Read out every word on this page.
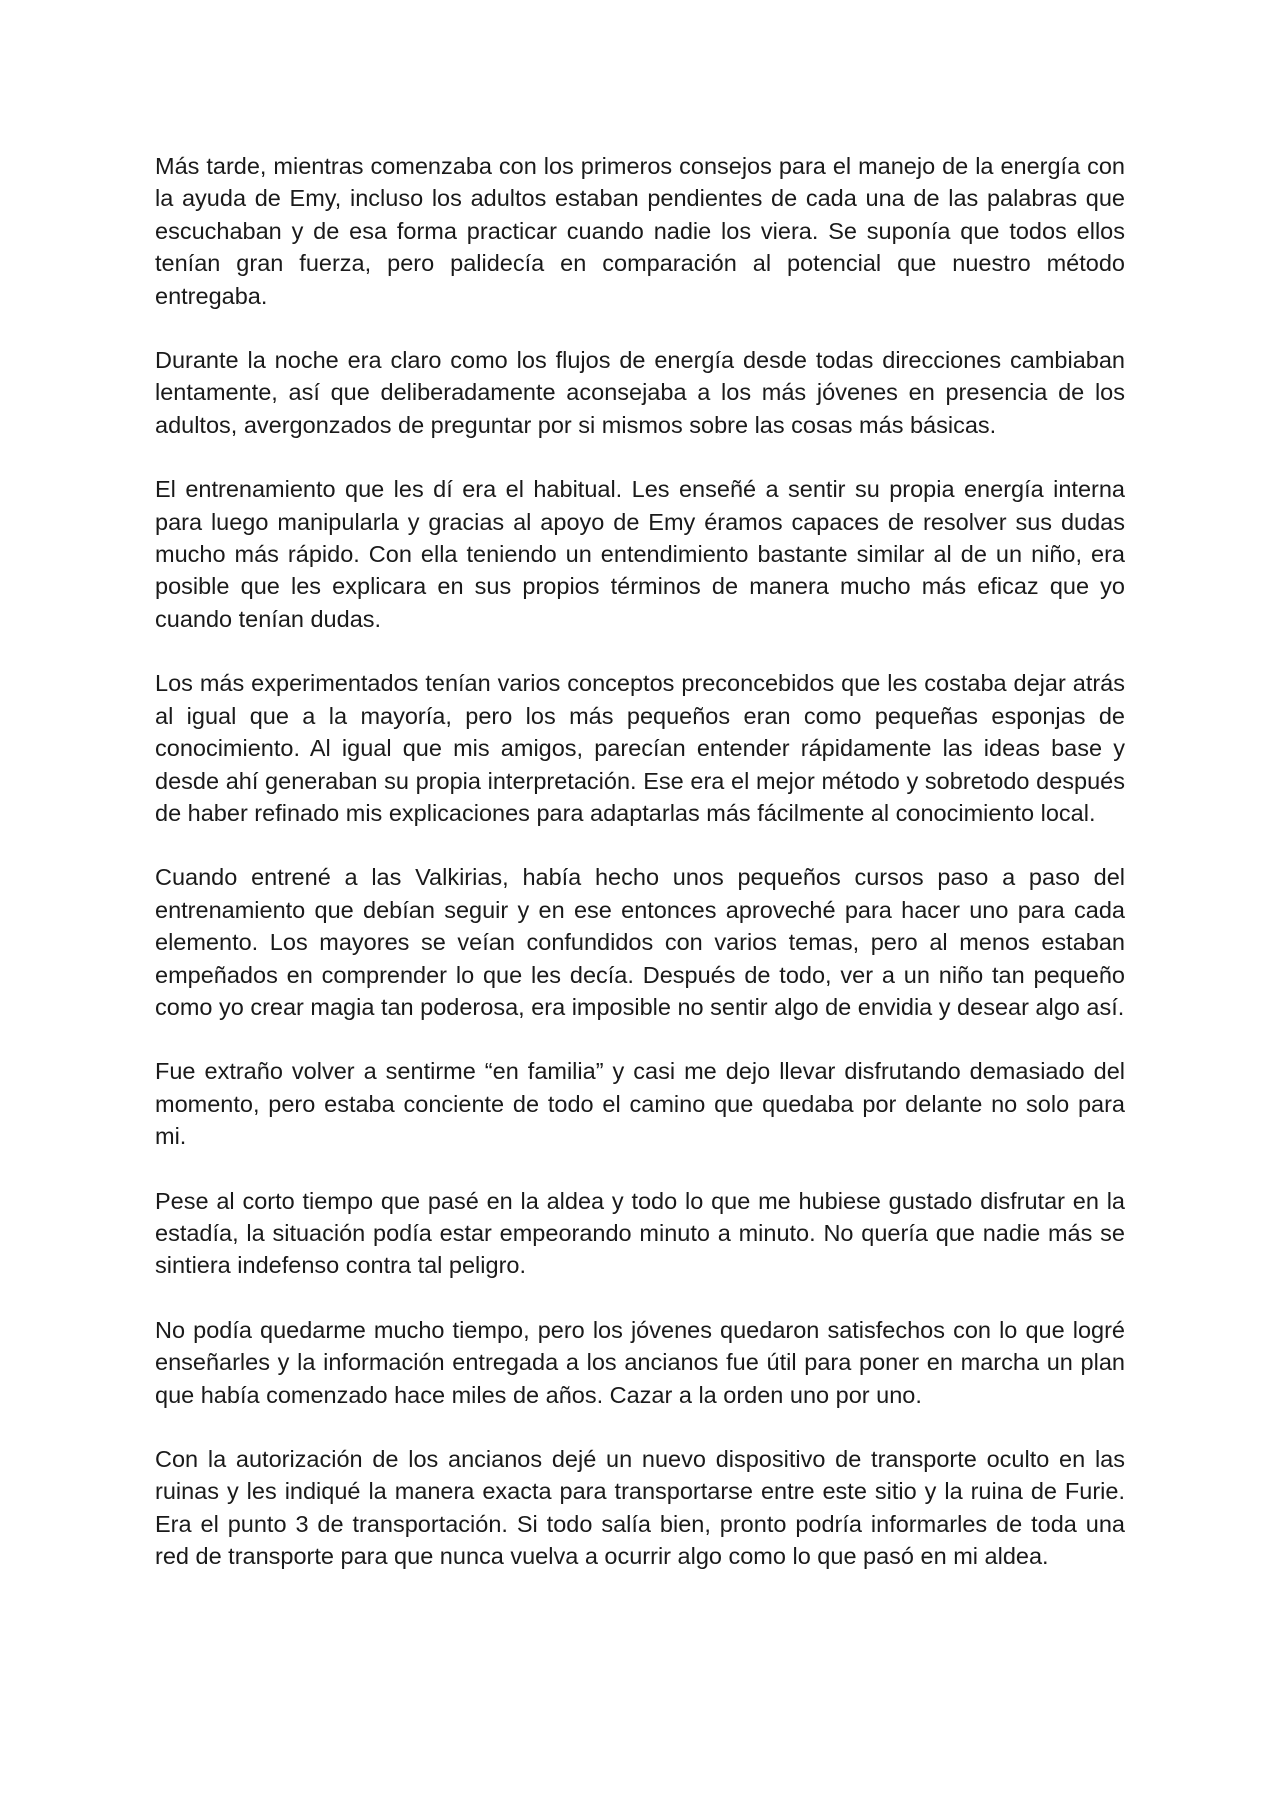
Más tarde, mientras comenzaba con los primeros consejos para el manejo de la energía con la ayuda de Emy, incluso los adultos estaban pendientes de cada una de las palabras que escuchaban y de esa forma practicar cuando nadie los viera. Se suponía que todos ellos tenían gran fuerza, pero palidecía en comparación al potencial que nuestro método entregaba.

Durante la noche era claro como los flujos de energía desde todas direcciones cambiaban lentamente, así que deliberadamente aconsejaba a los más jóvenes en presencia de los adultos, avergonzados de preguntar por si mismos sobre las cosas más básicas.

El entrenamiento que les dí era el habitual. Les enseñé a sentir su propia energía interna para luego manipularla y gracias al apoyo de Emy éramos capaces de resolver sus dudas mucho más rápido. Con ella teniendo un entendimiento bastante similar al de un niño, era posible que les explicara en sus propios términos de manera mucho más eficaz que yo cuando tenían dudas.

Los más experimentados tenían varios conceptos preconcebidos que les costaba dejar atrás al igual que a la mayoría, pero los más pequeños eran como pequeñas esponjas de conocimiento. Al igual que mis amigos, parecían entender rápidamente las ideas base y desde ahí generaban su propia interpretación. Ese era el mejor método y sobretodo después de haber refinado mis explicaciones para adaptarlas más fácilmente al conocimiento local.

Cuando entrené a las Valkirias, había hecho unos pequeños cursos paso a paso del entrenamiento que debían seguir y en ese entonces aproveché para hacer uno para cada elemento. Los mayores se veían confundidos con varios temas, pero al menos estaban empeñados en comprender lo que les decía. Después de todo, ver a un niño tan pequeño como yo crear magia tan poderosa, era imposible no sentir algo de envidia y desear algo así.

Fue extraño volver a sentirme “en familia” y casi me dejo llevar disfrutando demasiado del momento, pero estaba conciente de todo el camino que quedaba por delante no solo para mi.

Pese al corto tiempo que pasé en la aldea y todo lo que me hubiese gustado disfrutar en la estadía, la situación podía estar empeorando minuto a minuto. No quería que nadie más se sintiera indefenso contra tal peligro.

No podía quedarme mucho tiempo, pero los jóvenes quedaron satisfechos con lo que logré enseñarles y la información entregada a los ancianos fue útil para poner en marcha un plan que había comenzado hace miles de años. Cazar a la orden uno por uno.

Con la autorización de los ancianos dejé un nuevo dispositivo de transporte oculto en las ruinas y les indiqué la manera exacta para transportarse entre este sitio y la ruina de Furie. Era el punto 3 de transportación. Si todo salía bien, pronto podría informarles de toda una red de transporte para que nunca vuelva a ocurrir algo como lo que pasó en mi aldea.
